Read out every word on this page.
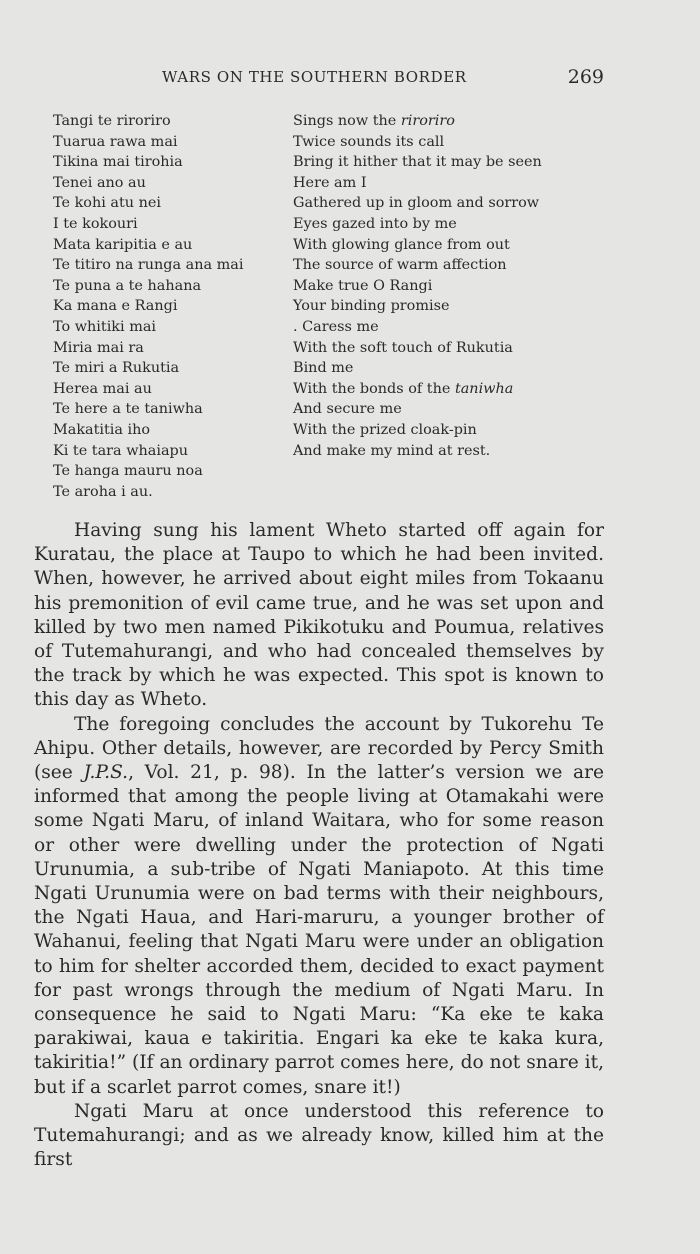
WARS ON THE SOUTHERN BORDER	269
Tangi te riroriro
Tuarua rawa mai
Tikina mai tirohia
Tenei ano au
Te kohi atu nei
I te kokouri
Mata karipitia e au
Te titiro na runga ana mai
Te puna a te hahana
Ka mana e Rangi
To whitiki mai
Miria mai ra
Te miri a Rukutia
Herea mai au
Te here a te taniwha
Makatitia iho
Ki te tara whaiapu
Te hanga mauru noa
Te aroha i au.
Sings now the riroriro
Twice sounds its call
Bring it hither that it may be seen
Here am I
Gathered up in gloom and sorrow
Eyes gazed into by me
With glowing glance from out
The source of warm affection
Make true O Rangi
Your binding promise
. Caress me
With the soft touch of Rukutia
Bind me
With the bonds of the taniwha
And secure me
With the prized cloak-pin
And make my mind at rest.

Having sung his lament Wheto started off again for Kuratau, the place at Taupo to which he had been invited. When, however, he arrived about eight miles from Tokaanu his premonition of evil came true, and he was set upon and killed by two men named Pikikotuku and Poumua, relatives of Tutemahurangi, and who had concealed themselves by the track by which he was expected. This spot is known to this day as Wheto.

The foregoing concludes the account by Tukorehu Te Ahipu. Other details, however, are recorded by Percy Smith (see J.P.S., Vol. 21, p. 98). In the latter’s version we are informed that among the people living at Otamakahi were some Ngati Maru, of inland Waitara, who for some reason or other were dwelling under the protection of Ngati Urunumia, a sub-tribe of Ngati Maniapoto. At this time Ngati Urunumia were on bad terms with their neighbours, the Ngati Haua, and Hari-maruru, a younger brother of Wahanui, feeling that Ngati Maru were under an obligation to him for shelter accorded them, decided to exact payment for past wrongs through the medium of Ngati Maru. In consequence he said to Ngati Maru: “Ka eke te kaka parakiwai, kaua e takiritia. Engari ka eke te kaka kura, takiritia!” (If an ordinary parrot comes here, do not snare it, but if a scarlet parrot comes, snare it!)

Ngati Maru at once understood this reference to Tutemahurangi; and as we already know, killed him at the first
